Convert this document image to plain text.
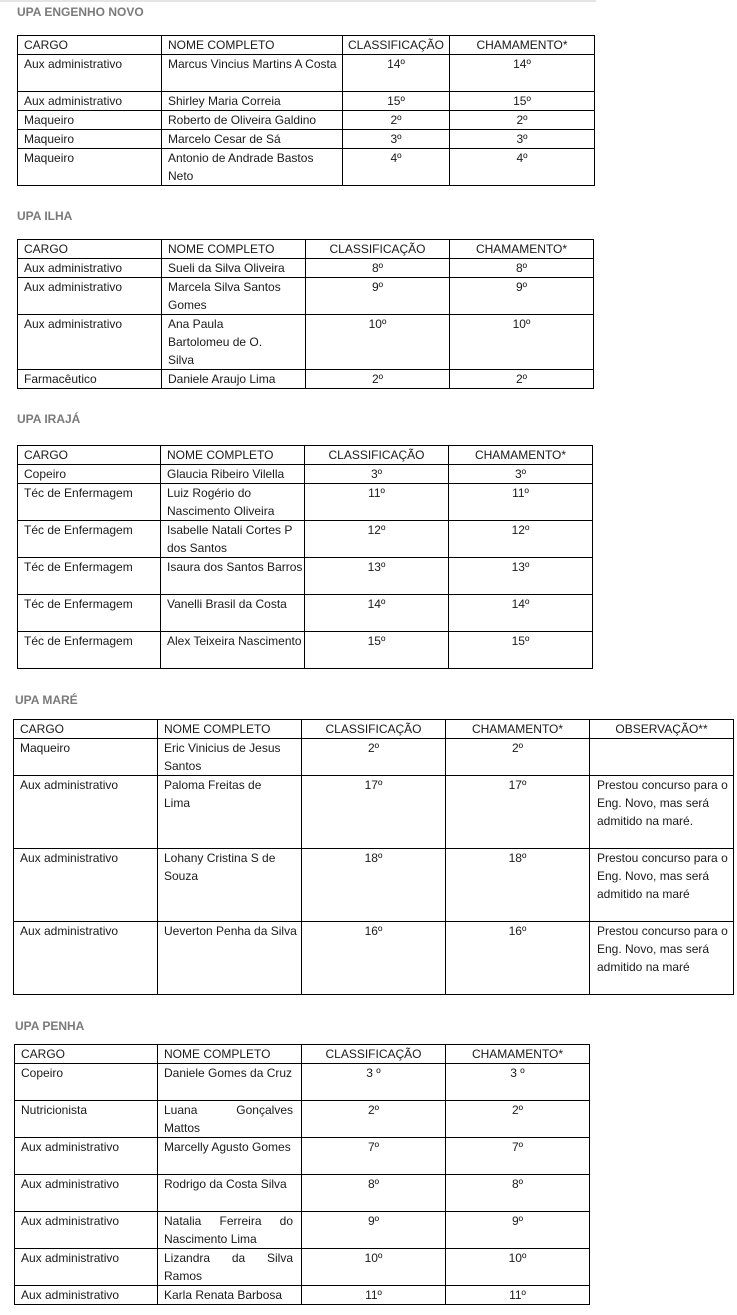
UPA ENGENHO NOVO
CARGO	NOME COMPLETO	CLASSIFICAÇÃO	CHAMAMENTO*
Aux administrativo	Marcus Vincius Martins A Costa	14º	14º
Aux administrativo	Shirley Maria Correia	15º	15º
Maqueiro	Roberto de Oliveira Galdino	2º	2º
Maqueiro	Marcelo Cesar de Sá	3º	3º
Maqueiro	Antonio de Andrade Bastos Neto	4º	4º
UPA ILHA
CARGO	NOME COMPLETO	CLASSIFICAÇÃO	CHAMAMENTO*
Aux administrativo	Sueli da Silva Oliveira	8º	8º
Aux administrativo	Marcela Silva Santos Gomes	9º	9º
Aux administrativo	Ana Paula Bartolomeu de O. Silva	10º	10º
Farmacêutico	Daniele Araujo Lima	2º	2º
UPA IRAJÁ
CARGO	NOME COMPLETO	CLASSIFICAÇÃO	CHAMAMENTO*
Copeiro	Glaucia Ribeiro Vilella	3º	3º
Téc de Enfermagem	Luiz Rogério do Nascimento Oliveira	11º	11º
Téc de Enfermagem	Isabelle Natali Cortes P dos Santos	12º	12º
Téc de Enfermagem	Isaura dos Santos Barros	13º	13º
Téc de Enfermagem	Vanelli Brasil da Costa	14º	14º
Téc de Enfermagem	Alex Teixeira Nascimento	15º	15º
UPA MARÉ
CARGO	NOME COMPLETO	CLASSIFICAÇÃO	CHAMAMENTO*	OBSERVAÇÃO**
Maqueiro	Eric Vinicius de Jesus Santos	2º	2º	
Aux administrativo	Paloma Freitas de Lima	17º	17º	Prestou concurso para o Eng. Novo, mas será admitido na maré.
Aux administrativo	Lohany Cristina S de Souza	18º	18º	Prestou concurso para o Eng. Novo, mas será admitido na maré
Aux administrativo	Ueverton Penha da Silva	16º	16º	Prestou concurso para o Eng. Novo, mas será admitido na maré
UPA PENHA
CARGO	NOME COMPLETO	CLASSIFICAÇÃO	CHAMAMENTO*
Copeiro	Daniele Gomes da Cruz	3 º	3 º
Nutricionista	Luana Gonçalves Mattos	2º	2º
Aux administrativo	Marcelly Agusto Gomes	7º	7º
Aux administrativo	Rodrigo da Costa Silva	8º	8º
Aux administrativo	Natalia Ferreira do Nascimento Lima	9º	9º
Aux administrativo	Lizandra da Silva Ramos	10º	10º
Aux administrativo	Karla Renata Barbosa	11º	11º
